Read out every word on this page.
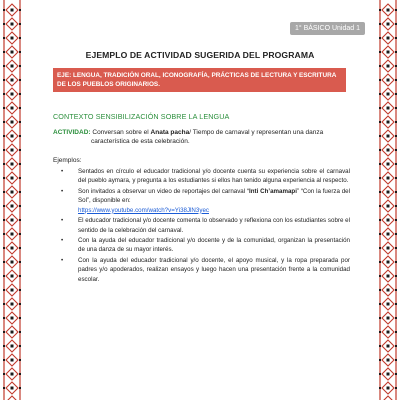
1° BÁSICO Unidad 1
EJEMPLO DE ACTIVIDAD SUGERIDA DEL PROGRAMA
EJE: LENGUA, TRADICIÓN ORAL, ICONOGRAFÍA, PRÁCTICAS DE LECTURA Y ESCRITURA DE LOS PUEBLOS ORIGINARIOS.
CONTEXTO SENSIBILIZACIÓN SOBRE LA LENGUA
ACTIVIDAD: Conversan sobre el Anata pacha/ Tiempo de carnaval y representan una danza
característica de esta celebración.
Ejemplos:
• Sentados en círculo el educador tradicional y/o docente cuenta su experiencia sobre el carnaval del pueblo aymara, y pregunta a los estudiantes si ellos han tenido alguna experiencia al respecto.
• Son invitados a observar un video de reportajes del carnaval “Inti Ch’amamapi” “Con la fuerza del Sol”, disponible en:
https://www.youtube.com/watch?v=Yi38JlN3yec
• El educador tradicional y/o docente comenta lo observado y reflexiona con los estudiantes sobre el sentido de la celebración del carnaval.
• Con la ayuda del educador tradicional y/o docente y de la comunidad, organizan la presentación de una danza de su mayor interés.
• Con la ayuda del educador tradicional y/o docente, el apoyo musical, y la ropa preparada por padres y/o apoderados, realizan ensayos y luego hacen una presentación frente a la comunidad escolar.
